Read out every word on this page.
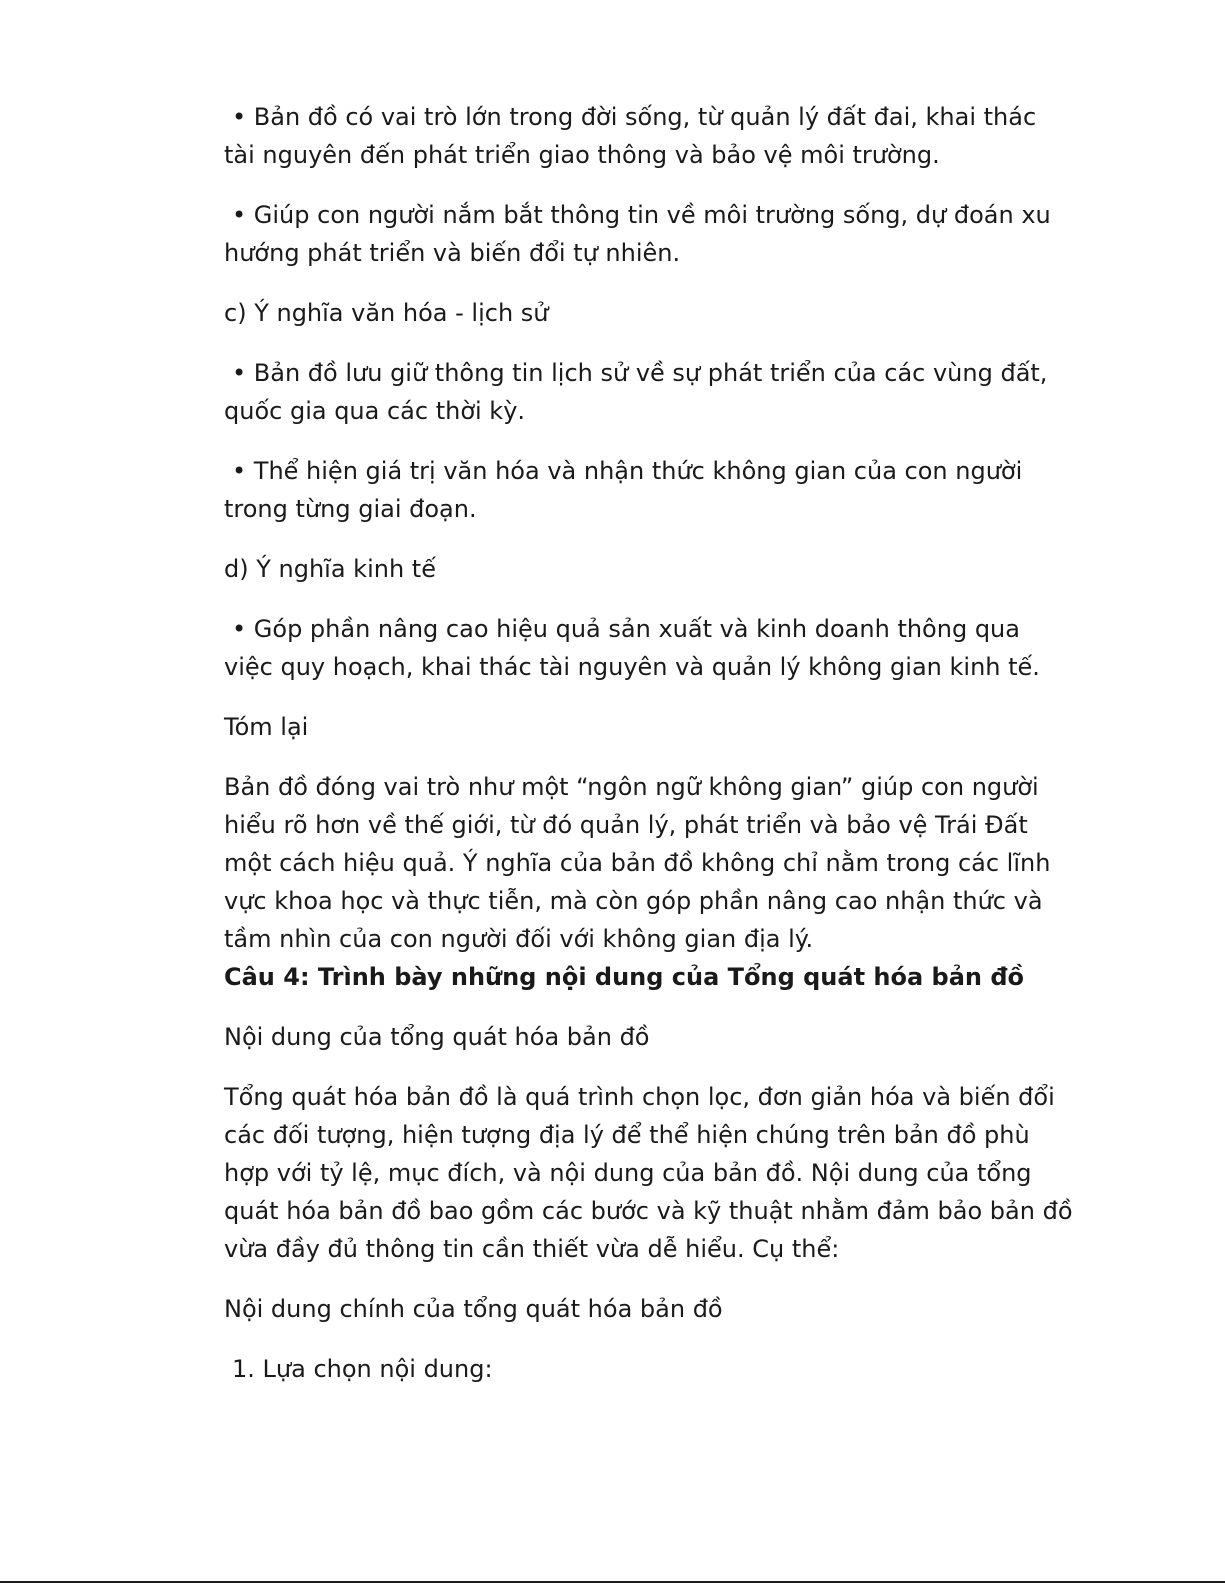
• Bản đồ có vai trò lớn trong đời sống, từ quản lý đất đai, khai thác tài nguyên đến phát triển giao thông và bảo vệ môi trường.

• Giúp con người nắm bắt thông tin về môi trường sống, dự đoán xu hướng phát triển và biến đổi tự nhiên.

c) Ý nghĩa văn hóa - lịch sử

• Bản đồ lưu giữ thông tin lịch sử về sự phát triển của các vùng đất, quốc gia qua các thời kỳ.

• Thể hiện giá trị văn hóa và nhận thức không gian của con người trong từng giai đoạn.

d) Ý nghĩa kinh tế

• Góp phần nâng cao hiệu quả sản xuất và kinh doanh thông qua việc quy hoạch, khai thác tài nguyên và quản lý không gian kinh tế.

Tóm lại

Bản đồ đóng vai trò như một “ngôn ngữ không gian” giúp con người hiểu rõ hơn về thế giới, từ đó quản lý, phát triển và bảo vệ Trái Đất một cách hiệu quả. Ý nghĩa của bản đồ không chỉ nằm trong các lĩnh vực khoa học và thực tiễn, mà còn góp phần nâng cao nhận thức và tầm nhìn của con người đối với không gian địa lý.

Câu 4: Trình bày những nội dung của Tổng quát hóa bản đồ

Nội dung của tổng quát hóa bản đồ

Tổng quát hóa bản đồ là quá trình chọn lọc, đơn giản hóa và biến đổi các đối tượng, hiện tượng địa lý để thể hiện chúng trên bản đồ phù hợp với tỷ lệ, mục đích, và nội dung của bản đồ. Nội dung của tổng quát hóa bản đồ bao gồm các bước và kỹ thuật nhằm đảm bảo bản đồ vừa đầy đủ thông tin cần thiết vừa dễ hiểu. Cụ thể:

Nội dung chính của tổng quát hóa bản đồ

1. Lựa chọn nội dung:
